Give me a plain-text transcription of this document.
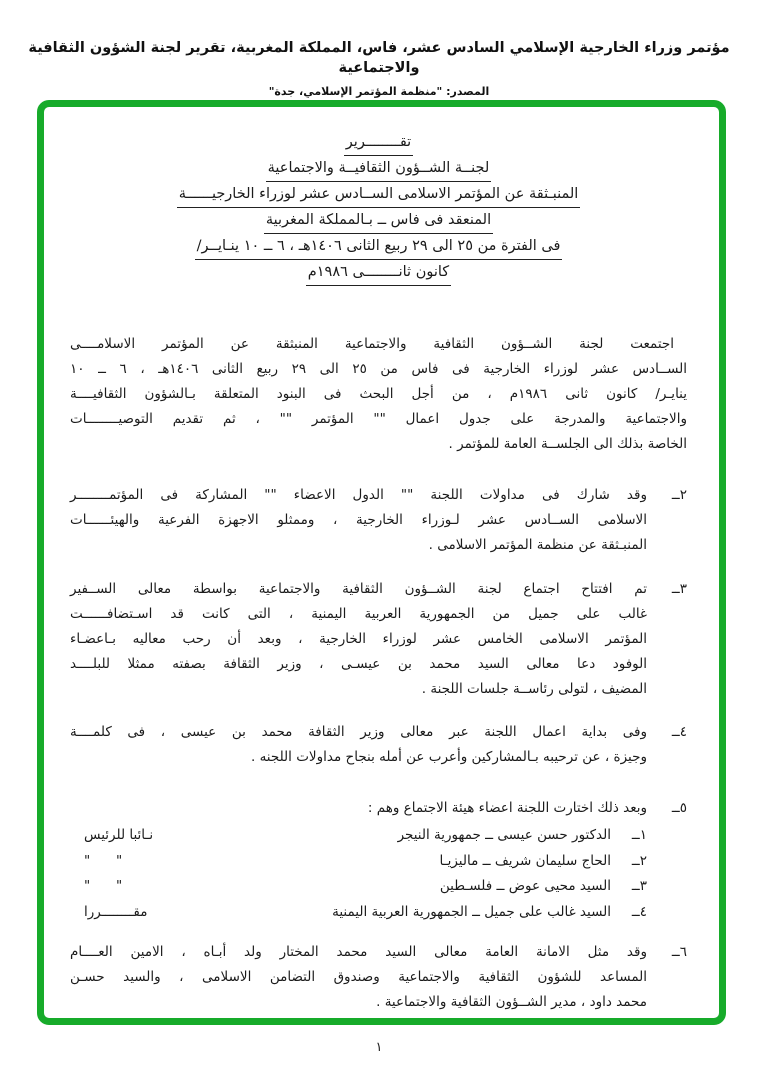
مؤتمر وزراء الخارجية الإسلامي السادس عشر، فاس، المملكة المغربية، تقرير لجنة الشؤون الثقافية والاجتماعية
المصدر: "منظمة المؤتمر الإسلامي، جدة"
تقــــــــرير
لجنــة الشــؤون الثقافيــة والاجتماعية
المنبـثقة عن المؤتمر الاسلامى الســادس عشر لوزراء الخارجيــــــة
المنعقد فى فاس ــ بـالمملكة المغربية
فى الفترة من ٢٥ الى ٢٩ ربيع الثانى ١٤٠٦هـ ، ٦ ــ ١٠ ينـايــر/
كانون ثانــــــــى ١٩٨٦م
اجتمعت لجنة الشــؤون الثقافية والاجتماعية المنبثقة عن المؤتمر الاسلامــــى
الســادس عشر لوزراء الخارجية فى فاس من ٢٥ الى ٢٩ ربيع الثانى ١٤٠٦هـ ، ٦ ــ ١٠
ينايـر/ كانون ثانى ١٩٨٦م ، من أجل البحث فى البنود المتعلقة بـالشؤون الثقافيــــة
والاجتماعية والمدرجة على جدول اعمال "" المؤتمر "" ، ثم تقديم التوصيــــــــات
الخاصة بذلك الى الجلســة العامة للمؤتمر .
٢ــ
وقد شارك فى مداولات اللجنة "" الدول الاعضاء "" المشاركة فى المؤتمــــــــر
الاسلامى الســادس عشر لـوزراء الخارجية ، وممثلو الاجهزة الفرعية والهيئــــــات
المنبـثقة عن منظمة المؤتمر الاسلامى .
٣ــ
تم افتتاح اجتماع لجنة الشــؤون الثقافية والاجتماعية بواسطة معالى الســفير
غالب على جميل من الجمهورية العربية اليمنية ، التى كانت قد اسـتضافــــــت
المؤتمر الاسلامى الخامس عشر لوزراء الخارجية ، وبعد أن رحب معاليه بـاعضـاء
الوفود دعا معالى السيد محمد بن عيسـى ، وزير الثقافة بصفته ممثلا للبلــــد
المضيف ، لتولى رئاســة جلسات اللجنة .
٤ــ
وفى بداية اعمال اللجنة عبر معالى وزير الثقافة محمد بن عيسى ، فى كلمــــة
وجيزة ، عن ترحيبه بـالمشاركين وأعرب عن أمله بنجاح مداولات اللجنه .
٥ــ
وبعد ذلك اختارت اللجنة اعضاء هيئة الاجتماع وهم :
١ــ
الدكتور حسن عيسى ــ جمهورية النيجر
نـائبا للرئيس
٢ــ
الحاج سليمان شريف ــ ماليزيـا
"      "
٣ــ
السيد محيى عوض ــ فلسـطين
"      "
٤ــ
السيد غالب على جميل ــ الجمهورية العربية اليمنية
مقــــــــررا
٦ــ
وقد مثل الامانة العامة معالى السيد محمد المختار ولد أبـاه ، الامين العــــام
المساعد للشؤون الثقافية والاجتماعية وصندوق التضامن الاسلامى ، والسيد حسـن
محمد داود ، مدير الشــؤون الثقافية والاجتماعية .
١
